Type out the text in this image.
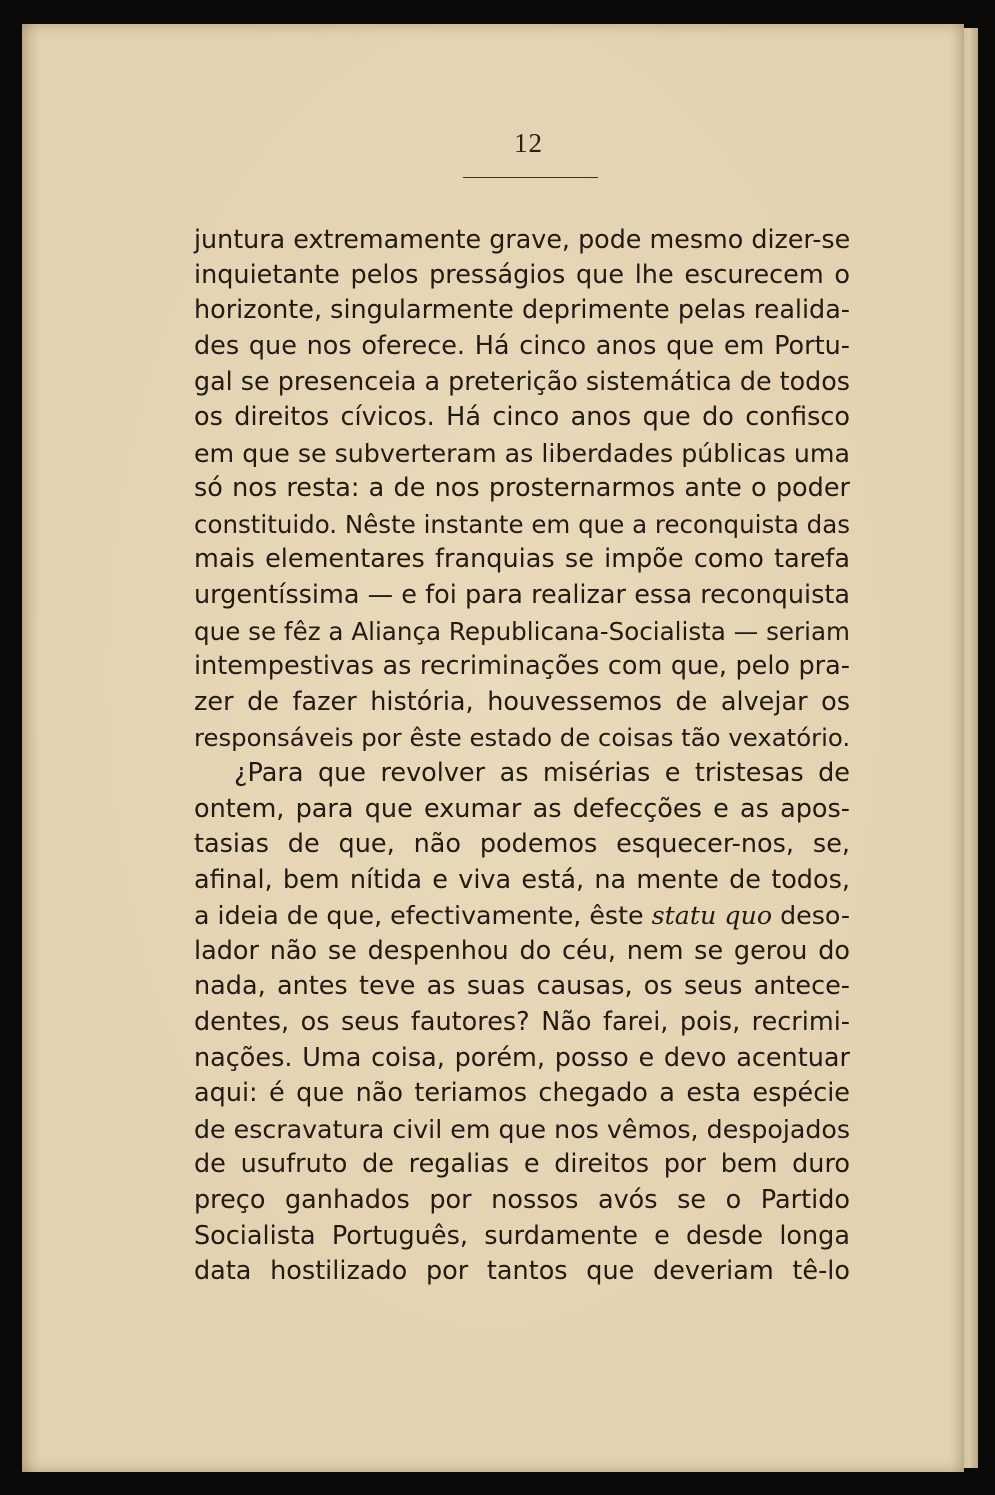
12
juntura extremamente grave, pode mesmo dizer-se
inquietante pelos presságios que lhe escurecem o
horizonte, singularmente deprimente pelas realida-
des que nos oferece. Há cinco anos que em Portu-
gal se presenceia a preterição sistemática de todos
os direitos cívicos. Há cinco anos que do confisco
em que se subverteram as liberdades públicas uma
só nos resta: a de nos prosternarmos ante o poder
constituido. Nêste instante em que a reconquista das
mais elementares franquias se impõe como tarefa
urgentíssima — e foi para realizar essa reconquista
que se fêz a Aliança Republicana-Socialista — seriam
intempestivas as recriminações com que, pelo pra-
zer de fazer história, houvessemos de alvejar os
responsáveis por êste estado de coisas tão vexatório.
¿Para que revolver as misérias e tristesas de
ontem, para que exumar as defecções e as apos-
tasias de que, não podemos esquecer-nos, se,
afinal, bem nítida e viva está, na mente de todos,
a ideia de que, efectivamente, êste statu quo deso-
lador não se despenhou do céu, nem se gerou do
nada, antes teve as suas causas, os seus antece-
dentes, os seus fautores? Não farei, pois, recrimi-
nações. Uma coisa, porém, posso e devo acentuar
aqui: é que não teriamos chegado a esta espécie
de escravatura civil em que nos vêmos, despojados
de usufruto de regalias e direitos por bem duro
preço ganhados por nossos avós se o Partido
Socialista Português, surdamente e desde longa
data hostilizado por tantos que deveriam tê-lo
